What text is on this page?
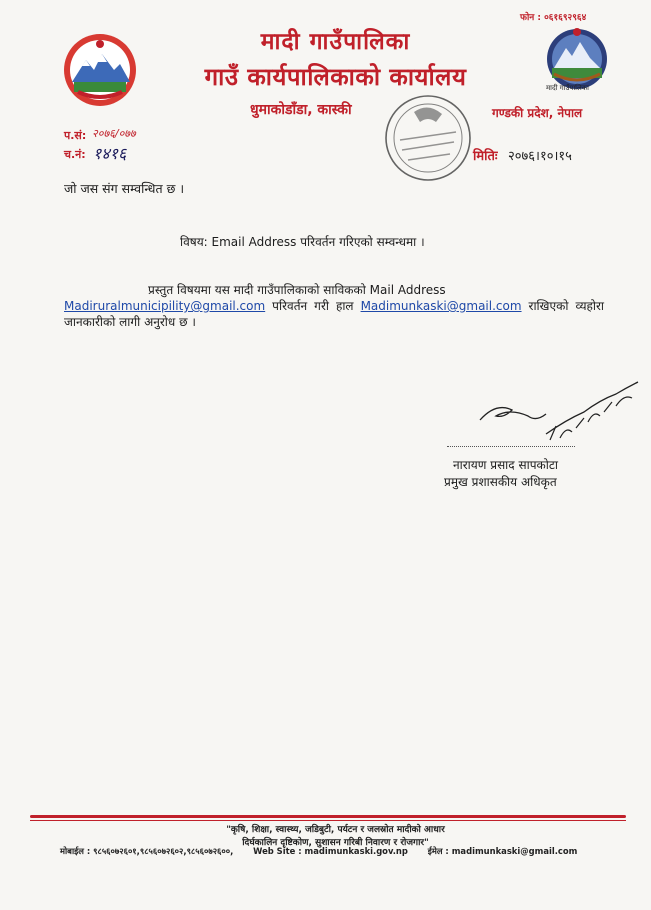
मादी गाउँपालिका
फोन : ०६१६९२९६४
मादी गाउँपालिका
गाउँ कार्यपालिकाको कार्यालय
धुमाकोडाँडा, कास्की	गण्डकी प्रदेश, नेपाल
प.सं: २०७६/०७७
च.नं: १४१६	मितिः २०७६।१०।१५
जो जस संग सम्वन्धित छ ।
विषय: Email Address परिवर्तन गरिएको सम्वन्धमा ।
प्रस्तुत विषयमा यस मादी गाउँपालिकाको साविकको Mail Address
Madiruralmunicipility@gmail.com परिवर्तन गरी हाल Madimunkaski@gmail.com राखिएको व्यहोरा जानकारीको लागी अनुरोध छ ।
नारायण प्रसाद सापकोटा
प्रमुख प्रशासकीय अधिकृत
"कृषि, शिक्षा, स्वास्थ्य, जडिबुटी, पर्यटन र जलस्रोत मादीको आधार
दिर्घकालिन दृष्टिकोण, सुशासन गरिबी निवारण र रोजगार"
मोबाईल : ९८५६०७२६०१,९८५६०७२६०२,९८५६०७२६००, Web Site : madimunkaski.gov.np ईमेल : madimunkaski@gmail.com
